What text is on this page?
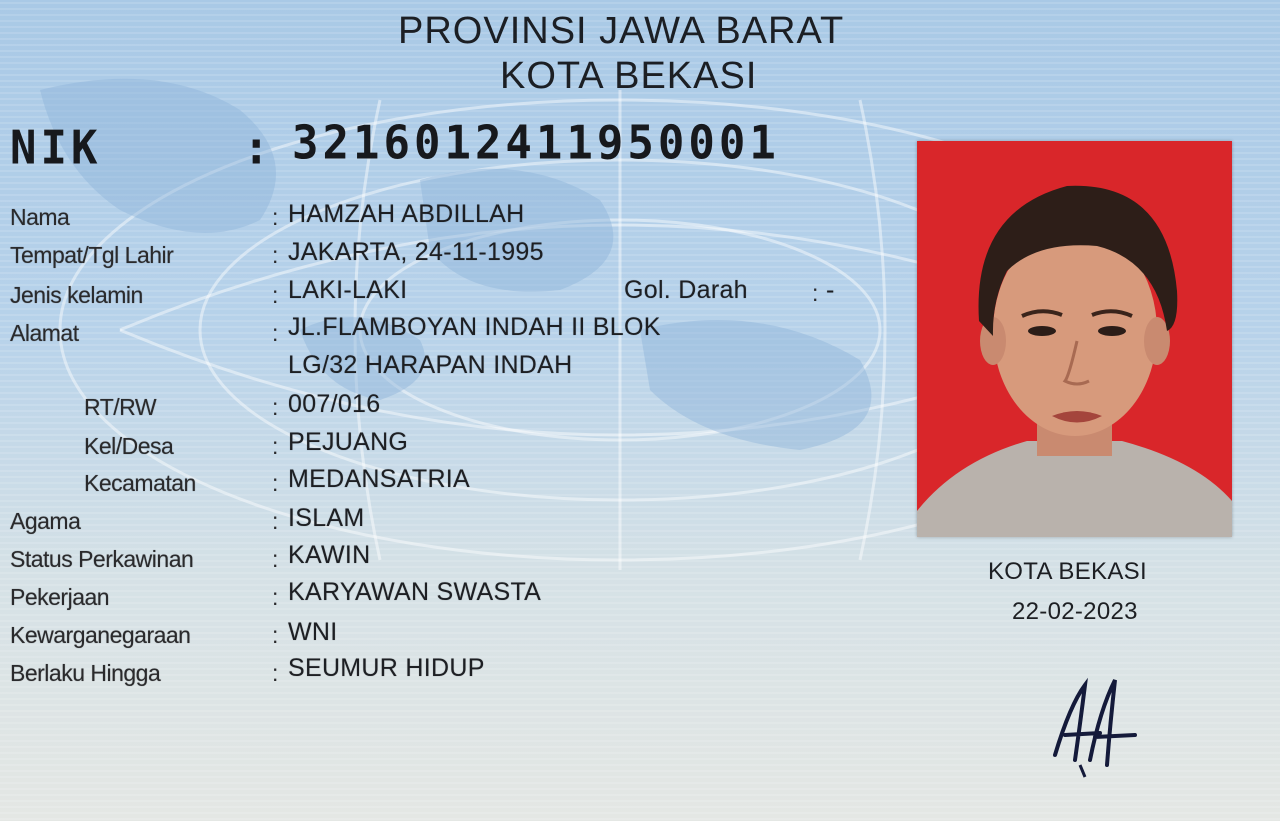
PROVINSI JAWA BARAT
KOTA BEKASI
NIK	: 3216012411950001
Nama	: HAMZAH ABDILLAH
Tempat/Tgl Lahir	: JAKARTA, 24-11-1995
Jenis kelamin	: LAKI-LAKI	Gol. Darah	: -
Alamat	: JL.FLAMBOYAN INDAH II BLOK
LG/32 HARAPAN INDAH
RT/RW	: 007/016
Kel/Desa	: PEJUANG
Kecamatan	: MEDANSATRIA
Agama	: ISLAM
Status Perkawinan	: KAWIN
Pekerjaan	: KARYAWAN SWASTA
Kewarganegaraan	: WNI
Berlaku Hingga	: SEUMUR HIDUP
KOTA BEKASI
22-02-2023
